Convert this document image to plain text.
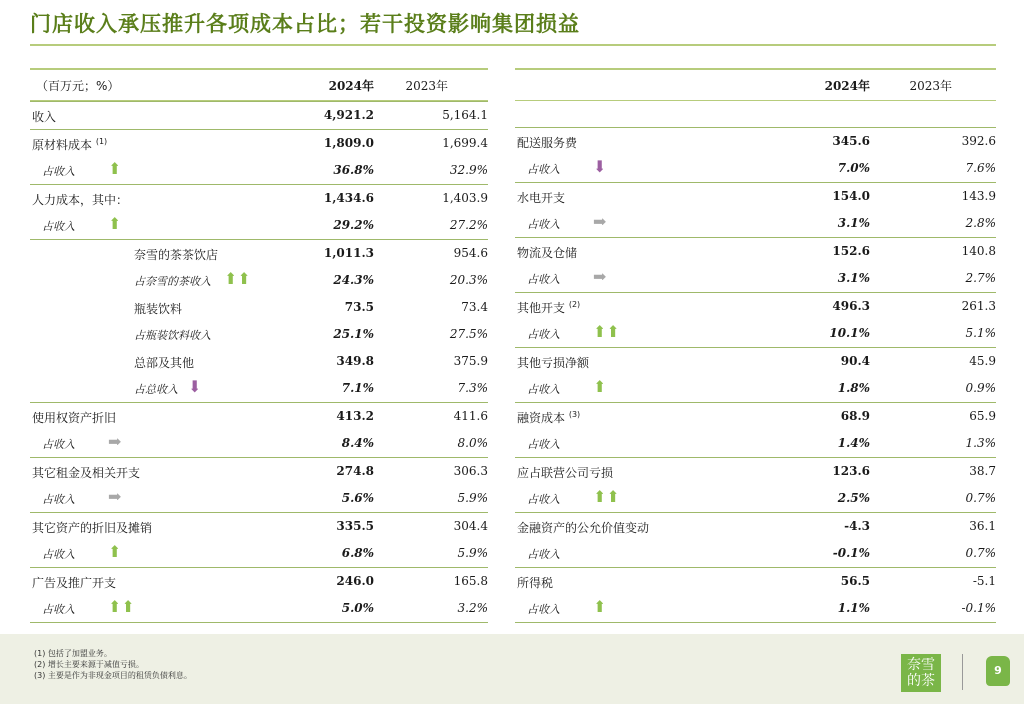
门店收入承压推升各项成本占比；若干投资影响集团损益
（百万元；%）	2024年	2023年
收入	4,921.2	5,164.1
原材料成本 $^{(1)}$	1,809.0	1,699.4
占收入 ⬆	36.8%	32.9%
人力成本，其中：	1,434.6	1,403.9
占收入 ⬆	29.2%	27.2%
奈雪的茶茶饮店	1,011.3	954.6
占奈雪的茶收入 ⬆⬆	24.3%	20.3%
瓶装饮料	73.5	73.4
占瓶装饮料收入	25.1%	27.5%
总部及其他	349.8	375.9
占总收入 ⬇	7.1%	7.3%
使用权资产折旧	413.2	411.6
占收入 ➡	8.4%	8.0%
其它租金及相关开支	274.8	306.3
占收入 ➡	5.6%	5.9%
其它资产的折旧及摊销	335.5	304.4
占收入 ⬆	6.8%	5.9%
广告及推广开支	246.0	165.8
占收入 ⬆⬆	5.0%	3.2%
2024年	2023年
配送服务费	345.6	392.6
占收入 ⬇	7.0%	7.6%
水电开支	154.0	143.9
占收入 ➡	3.1%	2.8%
物流及仓储	152.6	140.8
占收入 ➡	3.1%	2.7%
其他开支 $^{(2)}$	496.3	261.3
占收入 ⬆⬆	10.1%	5.1%
其他亏损净额	90.4	45.9
占收入 ⬆	1.8%	0.9%
融资成本 $^{(3)}$	68.9	65.9
占收入	1.4%	1.3%
应占联营公司亏损	123.6	38.7
占收入 ⬆⬆	2.5%	0.7%
金融资产的公允价值变动	-4.3	36.1
占收入	-0.1%	0.7%
所得税	56.5	-5.1
占收入 ⬆	1.1%	-0.1%
(1) 包括了加盟业务。
(2) 增长主要来源于减值亏损。
(3) 主要是作为非现金项目的租赁负债利息。
奈雪
的茶
9
